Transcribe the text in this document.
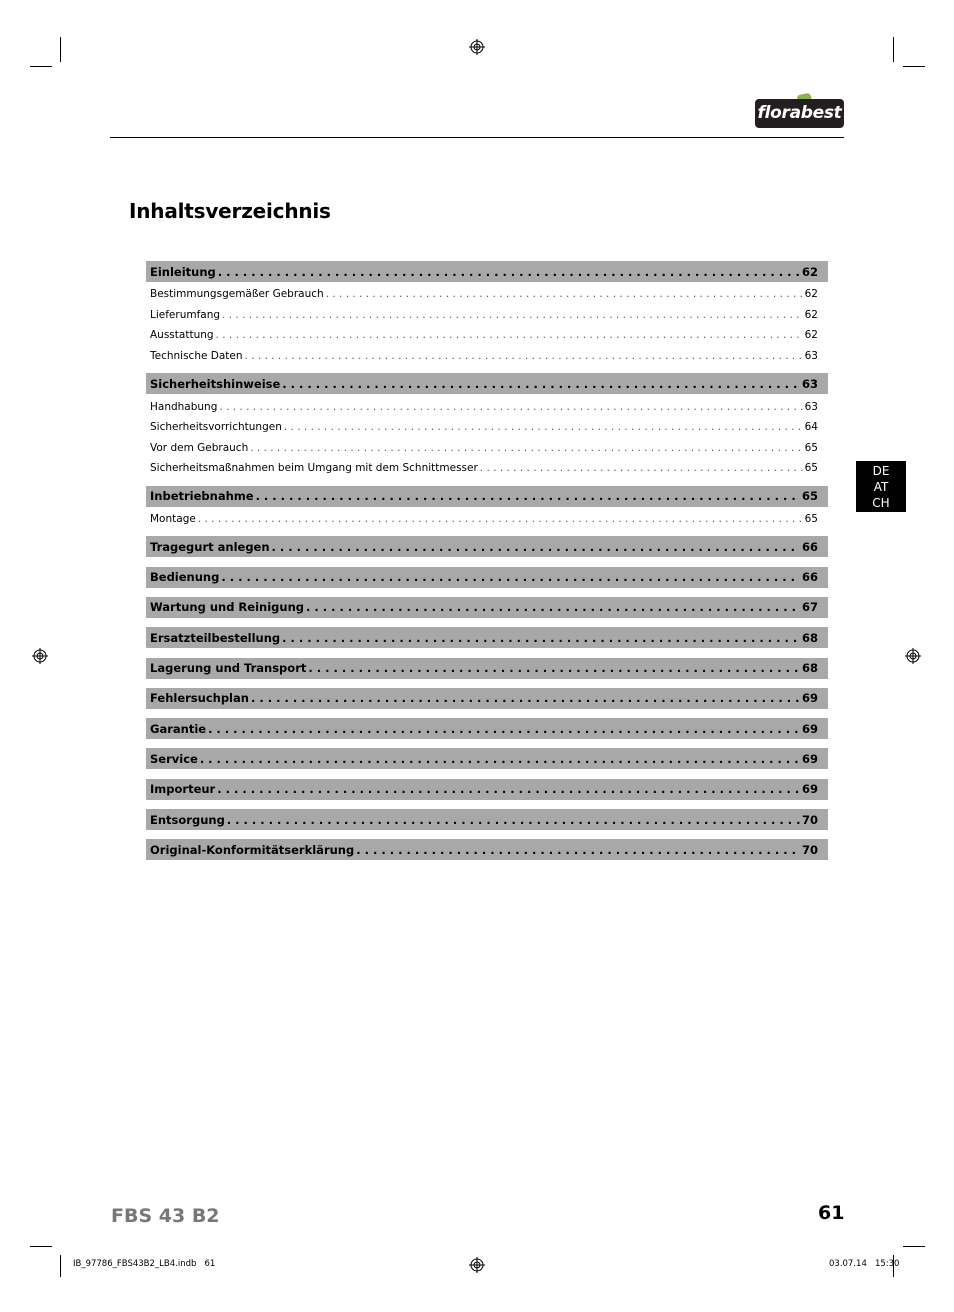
florabest
Inhaltsverzeichnis
Einleitung . . .	62
Bestimmungsgemäßer Gebrauch . . .	62
Lieferumfang . . .	62
Ausstattung . . .	62
Technische Daten . . .	63
Sicherheitshinweise . . .	63
Handhabung . . .	63
Sicherheitsvorrichtungen . . .	64
Vor dem Gebrauch . . .	65
Sicherheitsmaßnahmen beim Umgang mit dem Schnittmesser . . .	65
Inbetriebnahme . . .	65
Montage . . .	65
Tragegurt anlegen . . .	66
Bedienung . . .	66
Wartung und Reinigung . . .	67
Ersatzteilbestellung . . .	68
Lagerung und Transport . . .	68
Fehlersuchplan . . .	69
Garantie . . .	69
Service . . .	69
Importeur . . .	69
Entsorgung . . .	70
Original-Konformitätserklärung . . .	70
DE
AT
CH
FBS 43 B2	61
IB_97786_FBS43B2_LB4.indb   61	03.07.14   15:30
